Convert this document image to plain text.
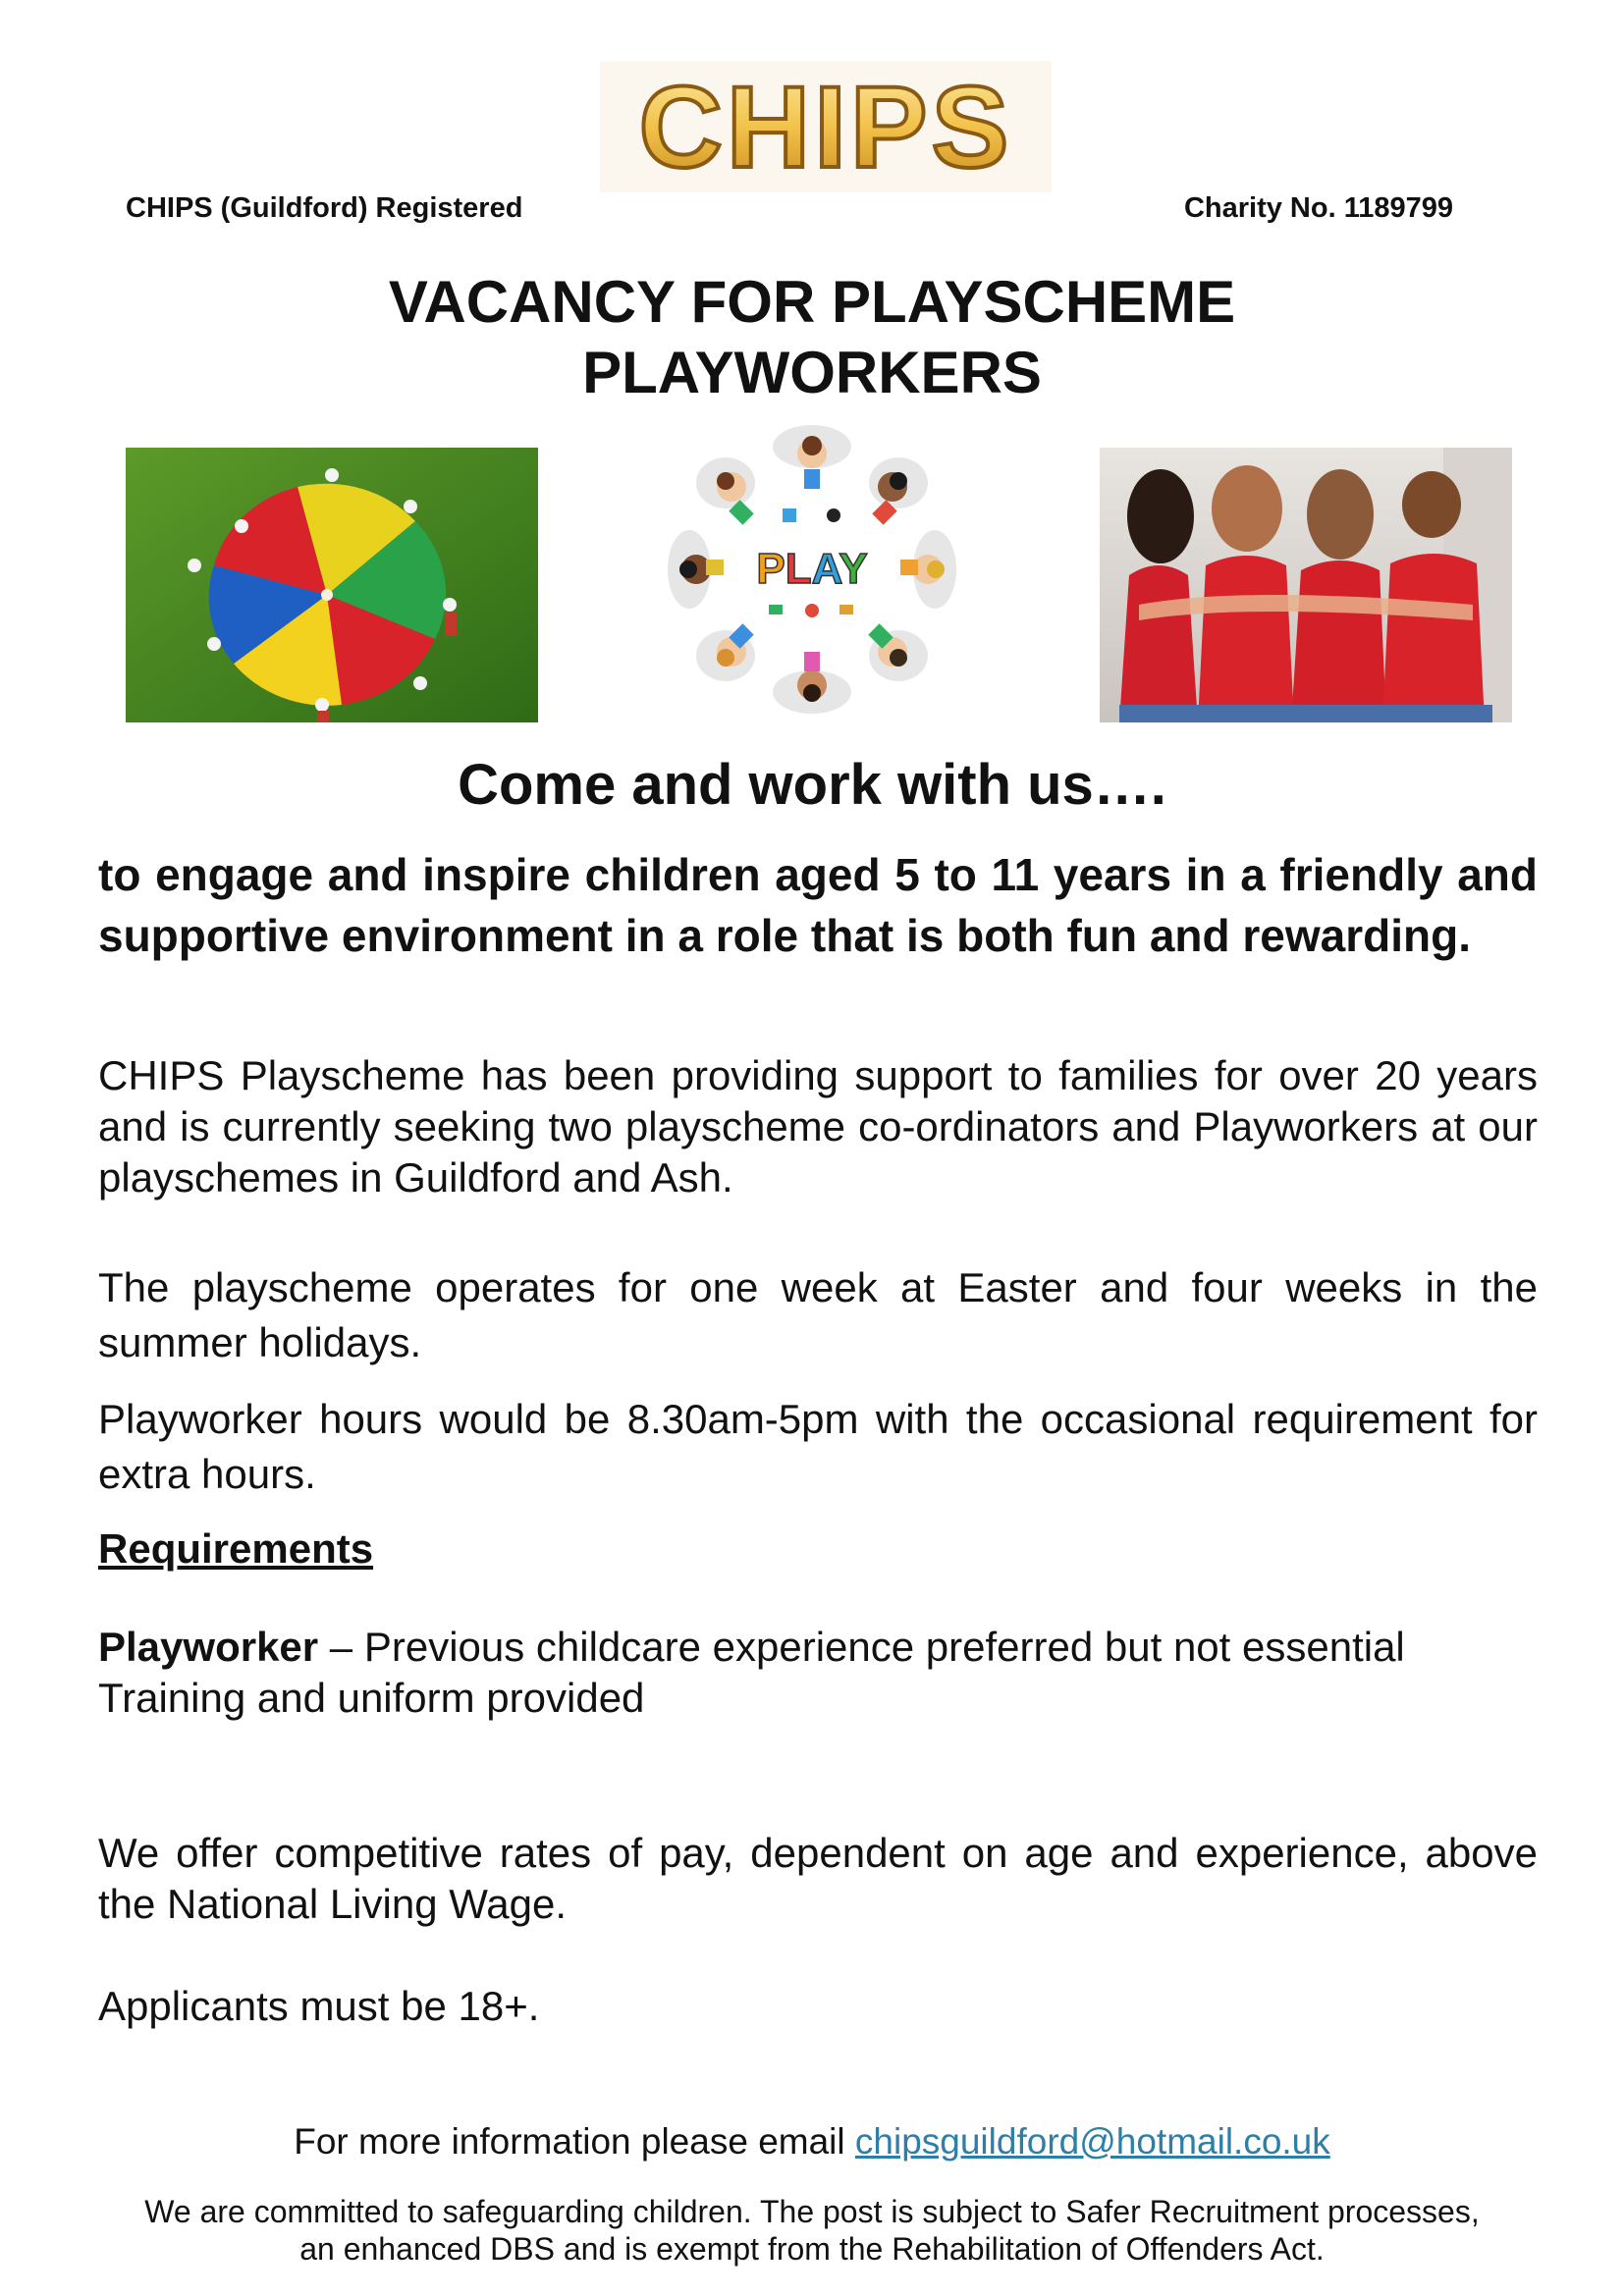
CHIPS
CHIPS (Guildford) Registered	Charity No. 1189799
VACANCY FOR PLAYSCHEME
PLAYWORKERS
PLAY
Come and work with us….
to engage and inspire children aged 5 to 11 years in a friendly and supportive environment in a role that is both fun and rewarding.
CHIPS Playscheme has been providing support to families for over 20 years and is currently seeking two playscheme co-ordinators and Playworkers at our playschemes in Guildford and Ash.
The playscheme operates for one week at Easter and four weeks in the summer holidays.
Playworker hours would be 8.30am-5pm with the occasional requirement for extra hours.
Requirements
Playworker – Previous childcare experience preferred but not essential
Training and uniform provided
We offer competitive rates of pay, dependent on age and experience, above the National Living Wage.
Applicants must be 18+.
For more information please email chipsguildford@hotmail.co.uk
We are committed to safeguarding children. The post is subject to Safer Recruitment processes,
an enhanced DBS and is exempt from the Rehabilitation of Offenders Act.
